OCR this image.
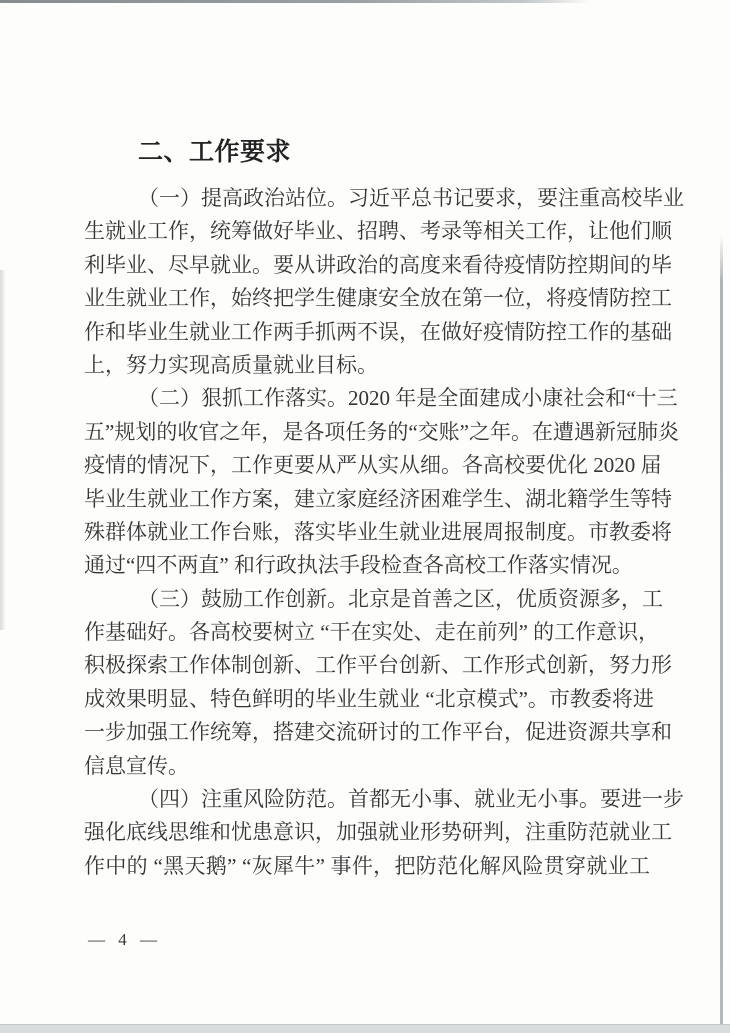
二、工作要求
（一）提高政治站位。习近平总书记要求，要注重高校毕业
生就业工作，统筹做好毕业、招聘、考录等相关工作，让他们顺
利毕业、尽早就业。要从讲政治的高度来看待疫情防控期间的毕
业生就业工作，始终把学生健康安全放在第一位，将疫情防控工
作和毕业生就业工作两手抓两不误，在做好疫情防控工作的基础
上，努力实现高质量就业目标。
（二）狠抓工作落实。2020 年是全面建成小康社会和“十三
五”规划的收官之年，是各项任务的“交账”之年。在遭遇新冠肺炎
疫情的情况下，工作更要从严从实从细。各高校要优化 2020 届
毕业生就业工作方案，建立家庭经济困难学生、湖北籍学生等特
殊群体就业工作台账，落实毕业生就业进展周报制度。市教委将
通过“四不两直” 和行政执法手段检查各高校工作落实情况。
（三）鼓励工作创新。北京是首善之区，优质资源多，工
作基础好。各高校要树立 “干在实处、走在前列” 的工作意识，
积极探索工作体制创新、工作平台创新、工作形式创新，努力形
成效果明显、特色鲜明的毕业生就业 “北京模式”。市教委将进
一步加强工作统筹，搭建交流研讨的工作平台，促进资源共享和
信息宣传。
（四）注重风险防范。首都无小事、就业无小事。要进一步
强化底线思维和忧患意识，加强就业形势研判，注重防范就业工
作中的 “黑天鹅” “灰犀牛” 事件，把防范化解风险贯穿就业工
— 4 —
